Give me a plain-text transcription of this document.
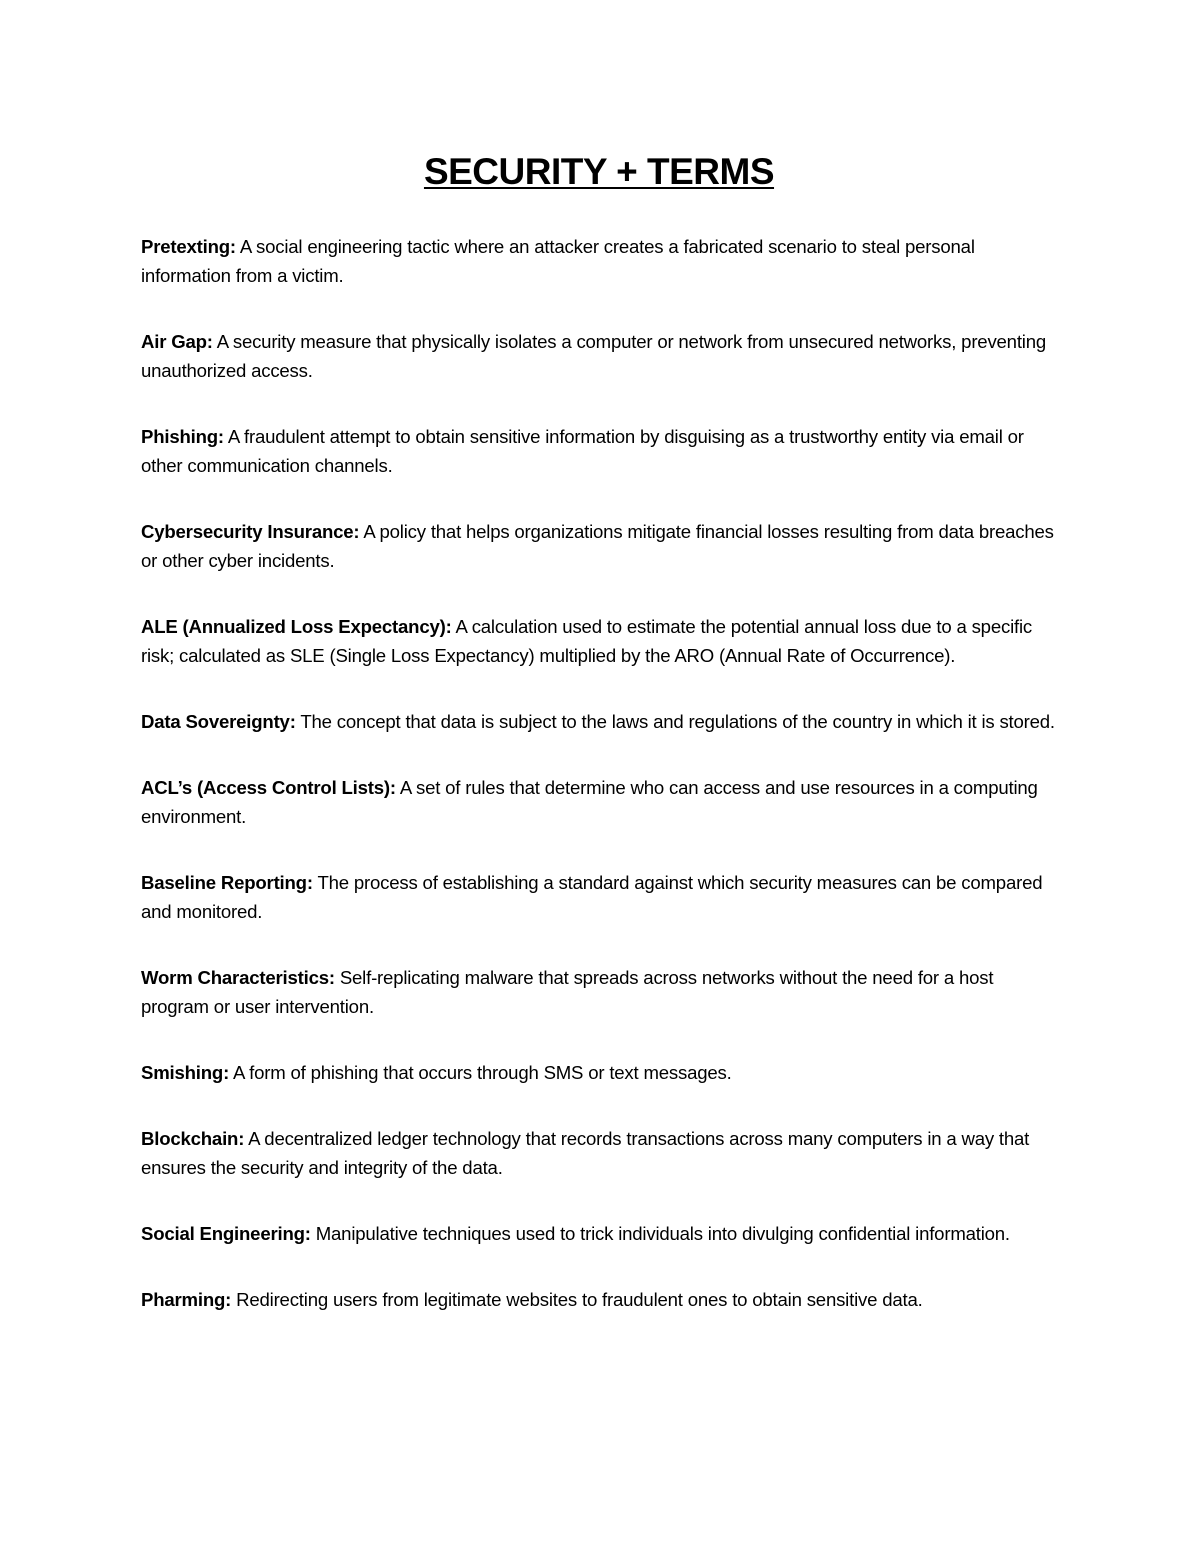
SECURITY + TERMS

Pretexting: A social engineering tactic where an attacker creates a fabricated scenario to steal personal information from a victim.

Air Gap: A security measure that physically isolates a computer or network from unsecured networks, preventing unauthorized access.

Phishing: A fraudulent attempt to obtain sensitive information by disguising as a trustworthy entity via email or other communication channels.

Cybersecurity Insurance: A policy that helps organizations mitigate financial losses resulting from data breaches or other cyber incidents.

ALE (Annualized Loss Expectancy): A calculation used to estimate the potential annual loss due to a specific risk; calculated as SLE (Single Loss Expectancy) multiplied by the ARO (Annual Rate of Occurrence).

Data Sovereignty: The concept that data is subject to the laws and regulations of the country in which it is stored.

ACL’s (Access Control Lists): A set of rules that determine who can access and use resources in a computing environment.

Baseline Reporting: The process of establishing a standard against which security measures can be compared and monitored.

Worm Characteristics: Self-replicating malware that spreads across networks without the need for a host program or user intervention.

Smishing: A form of phishing that occurs through SMS or text messages.

Blockchain: A decentralized ledger technology that records transactions across many computers in a way that ensures the security and integrity of the data.

Social Engineering: Manipulative techniques used to trick individuals into divulging confidential information.

Pharming: Redirecting users from legitimate websites to fraudulent ones to obtain sensitive data.
